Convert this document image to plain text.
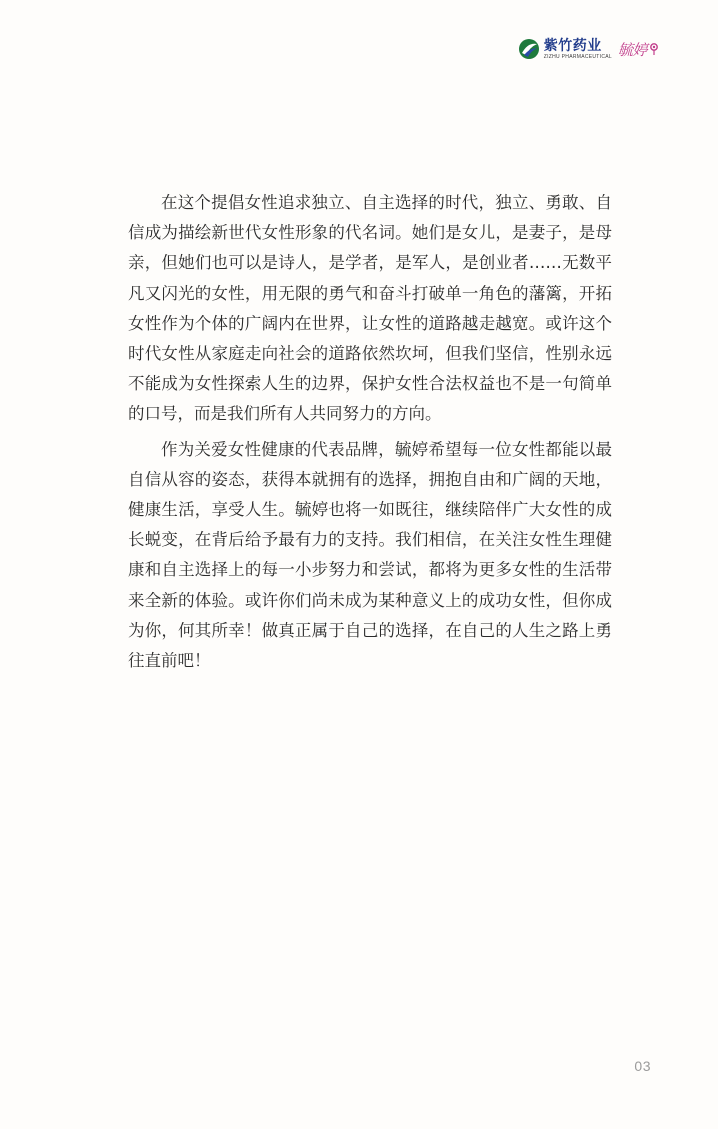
紫竹药业
ZIZHU PHARMACEUTICAL 毓婷

在这个提倡女性追求独立、自主选择的时代，独立、勇敢、自信成为描绘新世代女性形象的代名词。她们是女儿，是妻子，是母亲，但她们也可以是诗人，是学者，是军人，是创业者……无数平凡又闪光的女性，用无限的勇气和奋斗打破单一角色的藩篱，开拓女性作为个体的广阔内在世界，让女性的道路越走越宽。或许这个时代女性从家庭走向社会的道路依然坎坷，但我们坚信，性别永远不能成为女性探索人生的边界，保护女性合法权益也不是一句简单的口号，而是我们所有人共同努力的方向。

作为关爱女性健康的代表品牌，毓婷希望每一位女性都能以最自信从容的姿态，获得本就拥有的选择，拥抱自由和广阔的天地，健康生活，享受人生。毓婷也将一如既往，继续陪伴广大女性的成长蜕变，在背后给予最有力的支持。我们相信，在关注女性生理健康和自主选择上的每一小步努力和尝试，都将为更多女性的生活带来全新的体验。或许你们尚未成为某种意义上的成功女性，但你成为你，何其所幸！做真正属于自己的选择，在自己的人生之路上勇往直前吧！

03
